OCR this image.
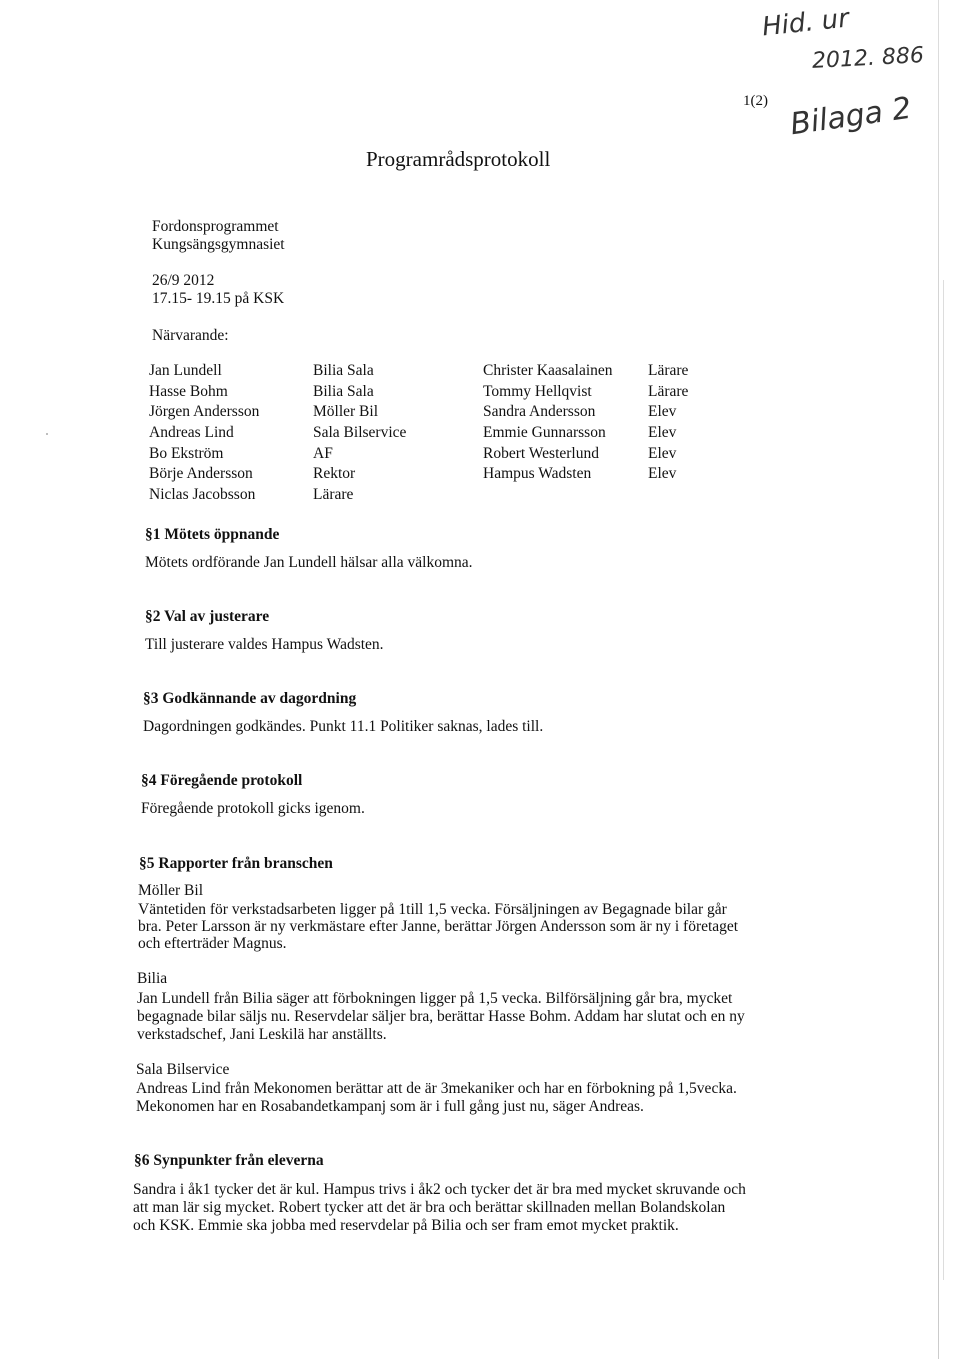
Hid. ur
2012. 886
Bilaga 2
1(2)
Programrådsprotokoll
Fordonsprogrammet
Kungsängsgymnasiet
26/9 2012
17.15- 19.15 på KSK
Närvarande:
Jan Lundell
Hasse Bohm
Jörgen Andersson
Andreas Lind
Bo Ekström
Börje Andersson
Niclas Jacobsson
Bilia Sala
Bilia Sala
Möller Bil
Sala Bilservice
AF
Rektor
Lärare
Christer Kaasalainen
Tommy Hellqvist
Sandra Andersson
Emmie Gunnarsson
Robert Westerlund
Hampus Wadsten
Lärare
Lärare
Elev
Elev
Elev
Elev
§1 Mötets öppnande
Mötets ordförande Jan Lundell hälsar alla välkomna.
§2 Val av justerare
Till justerare valdes Hampus Wadsten.
§3 Godkännande av dagordning
Dagordningen godkändes. Punkt 11.1 Politiker saknas, lades till.
§4 Föregående protokoll
Föregående protokoll gicks igenom.
§5 Rapporter från branschen
Möller Bil
Väntetiden för verkstadsarbeten ligger på 1till 1,5 vecka. Försäljningen av Begagnade bilar går
bra. Peter Larsson är ny verkmästare efter Janne, berättar Jörgen Andersson som är ny i företaget
och efterträder Magnus.
Bilia
Jan Lundell från Bilia säger att förbokningen ligger på 1,5 vecka. Bilförsäljning går bra, mycket
begagnade bilar säljs nu. Reservdelar säljer bra, berättar Hasse Bohm. Addam har slutat och en ny
verkstadschef, Jani Leskilä har anställts.
Sala Bilservice
Andreas Lind från Mekonomen berättar att de är 3mekaniker och har en förbokning på 1,5vecka.
Mekonomen har en Rosabandetkampanj som är i full gång just nu, säger Andreas.
§6 Synpunkter från eleverna
Sandra i åk1 tycker det är kul. Hampus trivs i åk2 och tycker det är bra med mycket skruvande och
att man lär sig mycket. Robert tycker att det är bra och berättar skillnaden mellan Bolandskolan
och KSK. Emmie ska jobba med reservdelar på Bilia och ser fram emot mycket praktik.
